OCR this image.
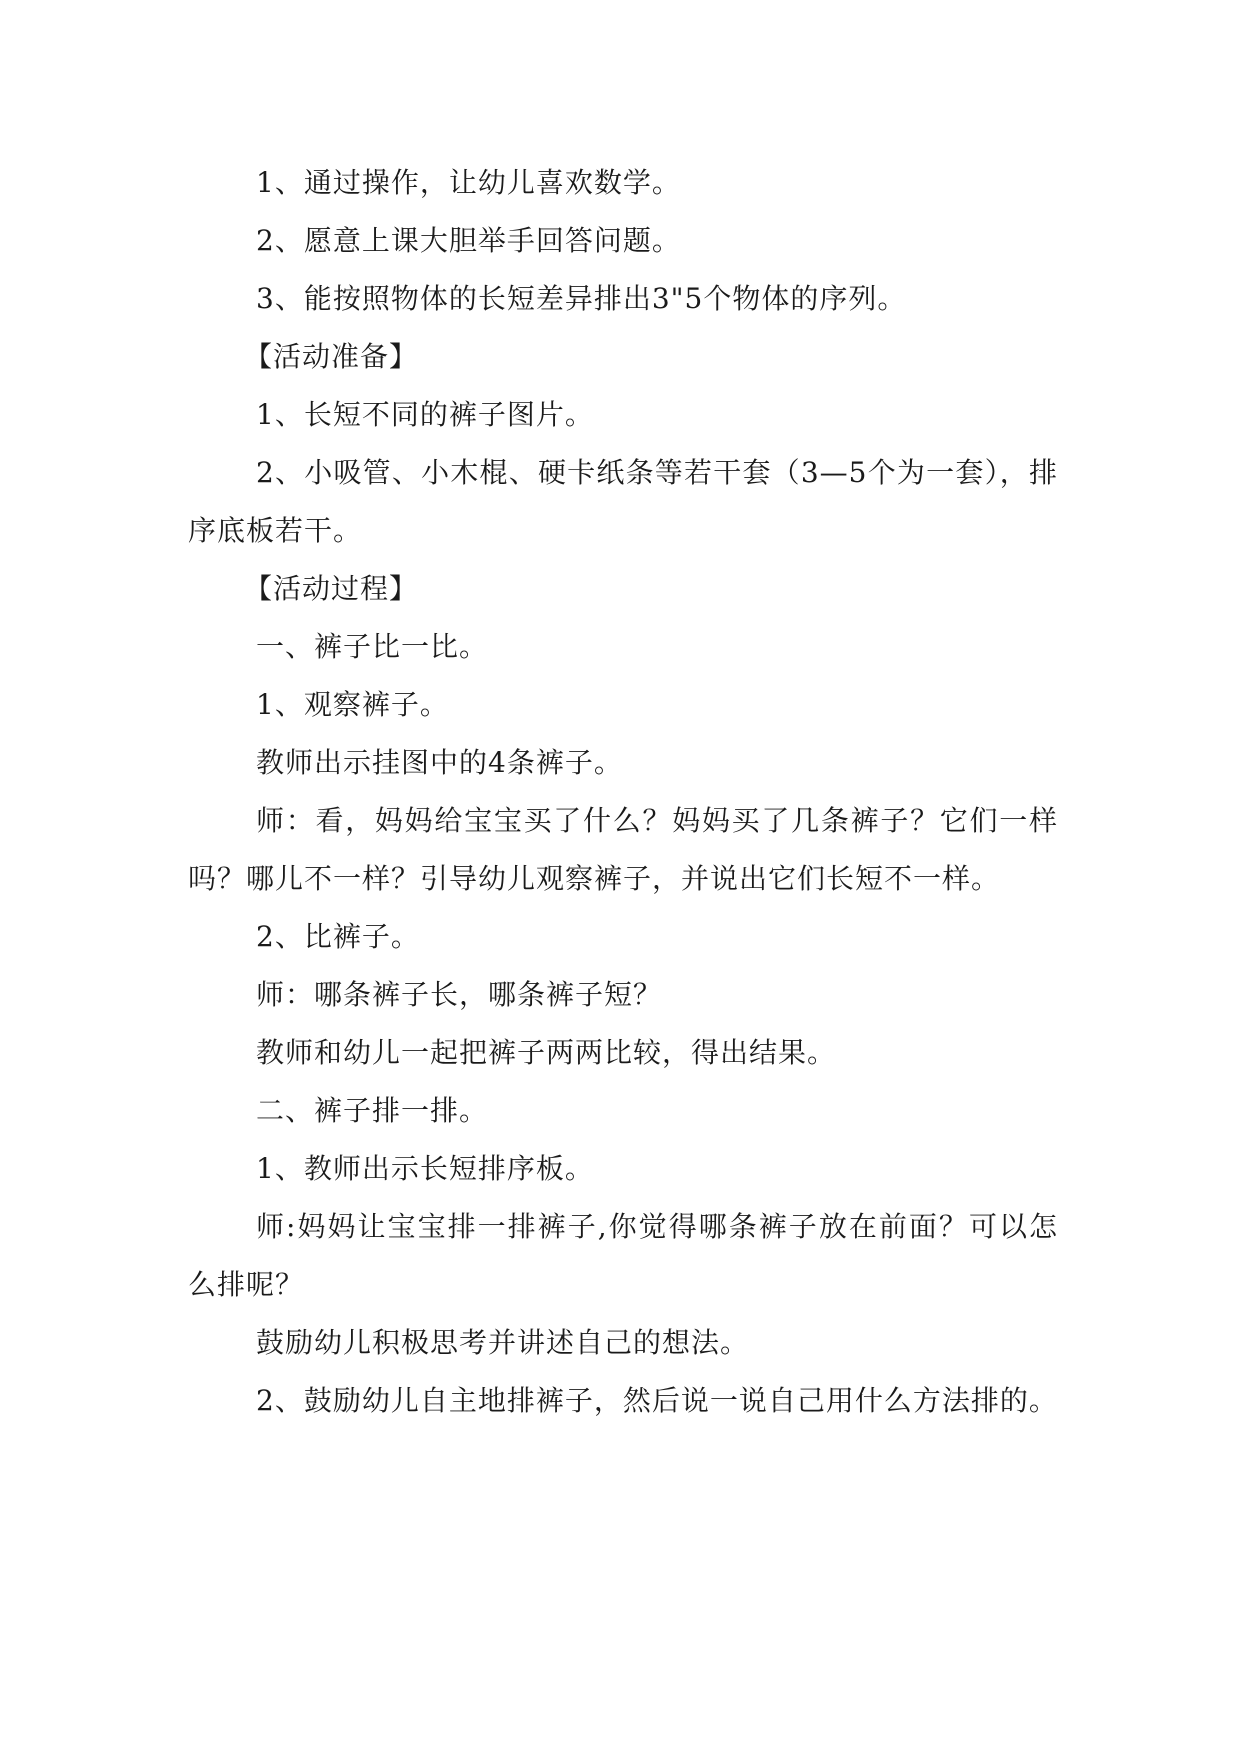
1、通过操作，让幼儿喜欢数学。

2、愿意上课大胆举手回答问题。

3、能按照物体的长短差异排出3"5个物体的序列。

【活动准备】

1、长短不同的裤子图片。

2、小吸管、小木棍、硬卡纸条等若干套（3—5个为一套），排序底板若干。

【活动过程】

一、裤子比一比。

1、观察裤子。

教师出示挂图中的4条裤子。

师：看，妈妈给宝宝买了什么？妈妈买了几条裤子？它们一样吗？哪儿不一样？引导幼儿观察裤子，并说出它们长短不一样。

2、比裤子。

师：哪条裤子长，哪条裤子短？

教师和幼儿一起把裤子两两比较，得出结果。

二、裤子排一排。

1、教师出示长短排序板。

师:妈妈让宝宝排一排裤子,你觉得哪条裤子放在前面？可以怎么排呢？

鼓励幼儿积极思考并讲述自己的想法。

2、鼓励幼儿自主地排裤子，然后说一说自己用什么方法排的。
